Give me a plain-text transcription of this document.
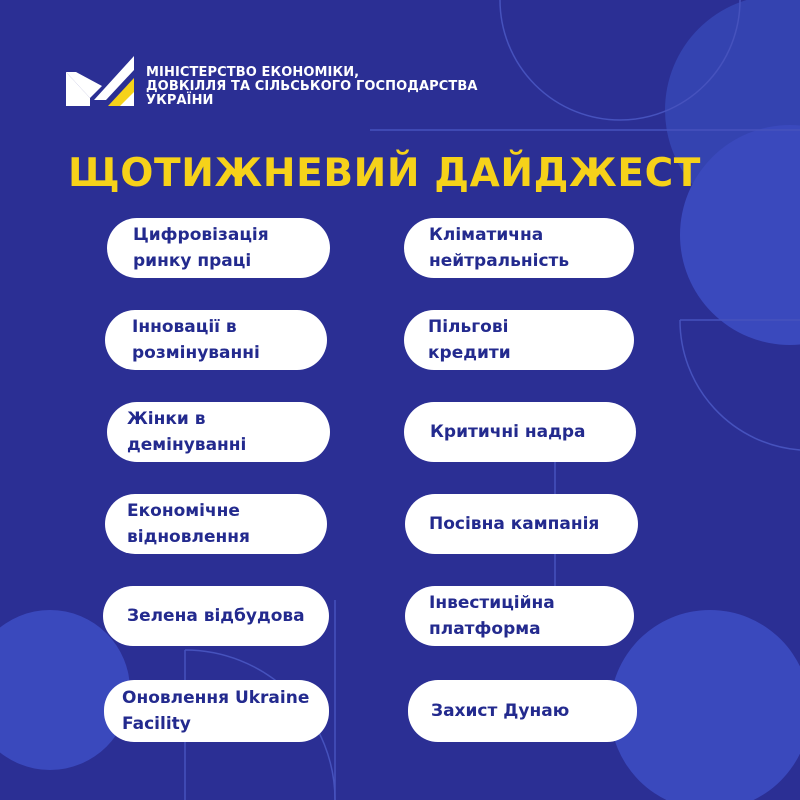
МІНІСТЕРСТВО ЕКОНОМІКИ,
ДОВКІЛЛЯ ТА СІЛЬСЬКОГО ГОСПОДАРСТВА
УКРАЇНИ
ЩОТИЖНЕВИЙ ДАЙДЖЕСТ
Цифровізація
ринку праці
Інновації в
розмінуванні
Жінки в
демінуванні
Економічне
відновлення
Зелена відбудова
Оновлення Ukraine
Facility
Кліматична
нейтральність
Пільгові
кредити
Критичні надра
Посівна кампанія
Інвестиційна
платформа
Захист Дунаю
